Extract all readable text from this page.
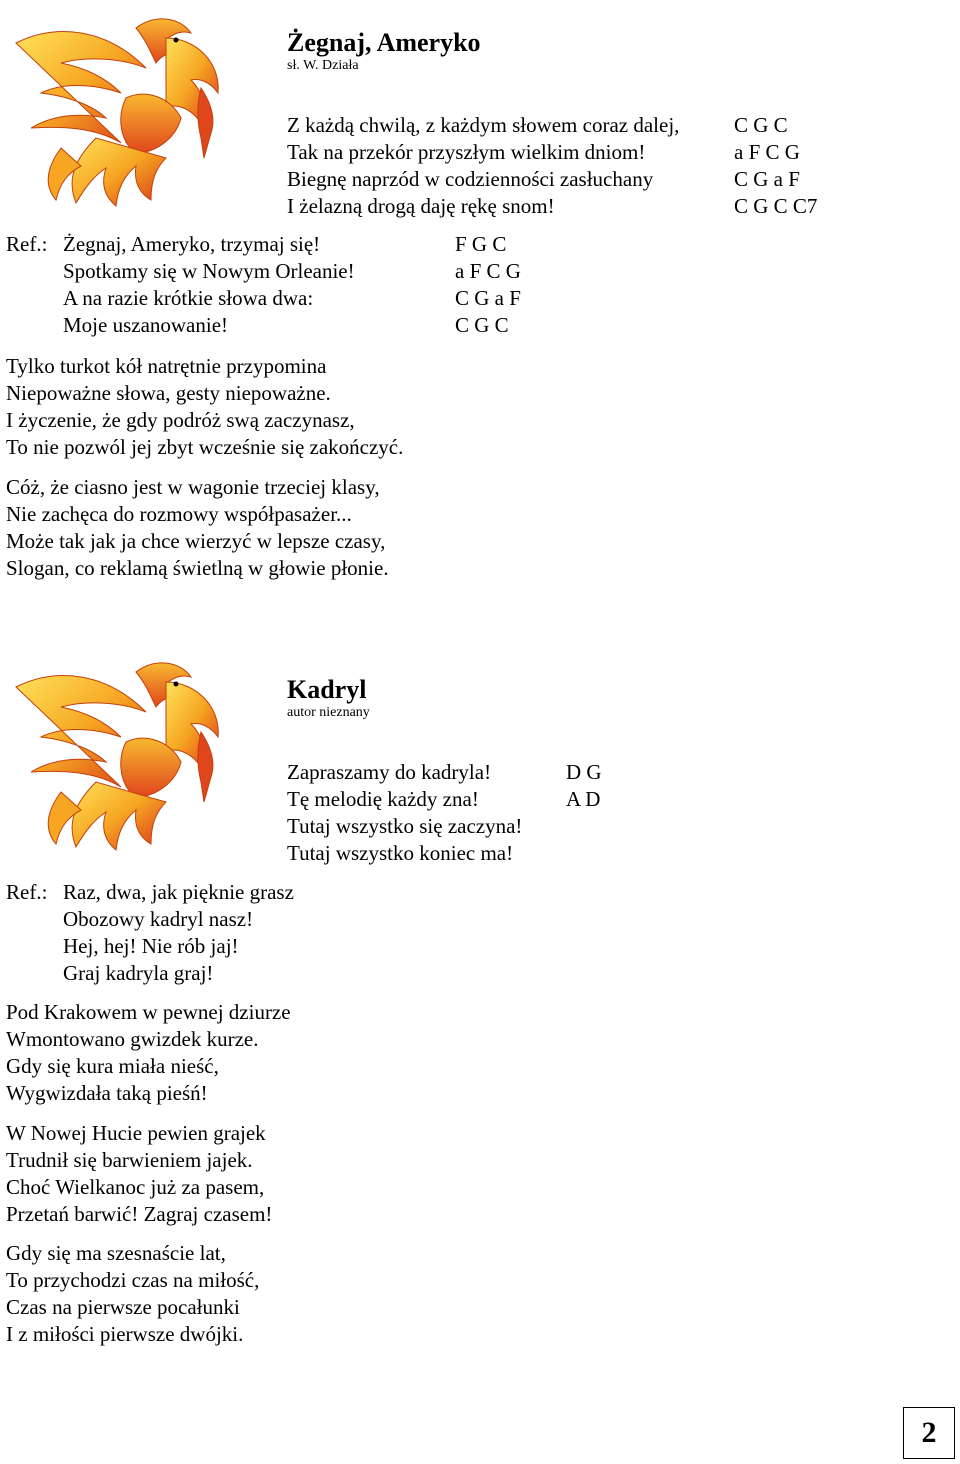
Żegnaj, Ameryko
sł. W. Działa
Z każdą chwilą, z każdym słowem coraz dalej,	C G C
Tak na przekór przyszłym wielkim dniom!	a F C G
Biegnę naprzód w codzienności zasłuchany	C G a F
I żelazną drogą daję rękę snom!	C G C C7
Ref.: Żegnaj, Ameryko, trzymaj się!	F G C
Spotkamy się w Nowym Orleanie!	a F C G
A na razie krótkie słowa dwa:	C G a F
Moje uszanowanie!	C G C
Tylko turkot kół natrętnie przypomina
Niepoważne słowa, gesty niepoważne.
I życzenie, że gdy podróż swą zaczynasz,
To nie pozwól jej zbyt wcześnie się zakończyć.
Cóż, że ciasno jest w wagonie trzeciej klasy,
Nie zachęca do rozmowy współpasażer...
Może tak jak ja chce wierzyć w lepsze czasy,
Slogan, co reklamą świetlną w głowie płonie.
Kadryl
autor nieznany
Zapraszamy do kadryla!	D G
Tę melodię każdy zna!	A D
Tutaj wszystko się zaczyna!
Tutaj wszystko koniec ma!
Ref.: Raz, dwa, jak pięknie grasz
Obozowy kadryl nasz!
Hej, hej! Nie rób jaj!
Graj kadryla graj!
Pod Krakowem w pewnej dziurze
Wmontowano gwizdek kurze.
Gdy się kura miała nieść,
Wygwizdała taką pieśń!
W Nowej Hucie pewien grajek
Trudnił się barwieniem jajek.
Choć Wielkanoc już za pasem,
Przetań barwić! Zagraj czasem!
Gdy się ma szesnaście lat,
To przychodzi czas na miłość,
Czas na pierwsze pocałunki
I z miłości pierwsze dwójki.
2
